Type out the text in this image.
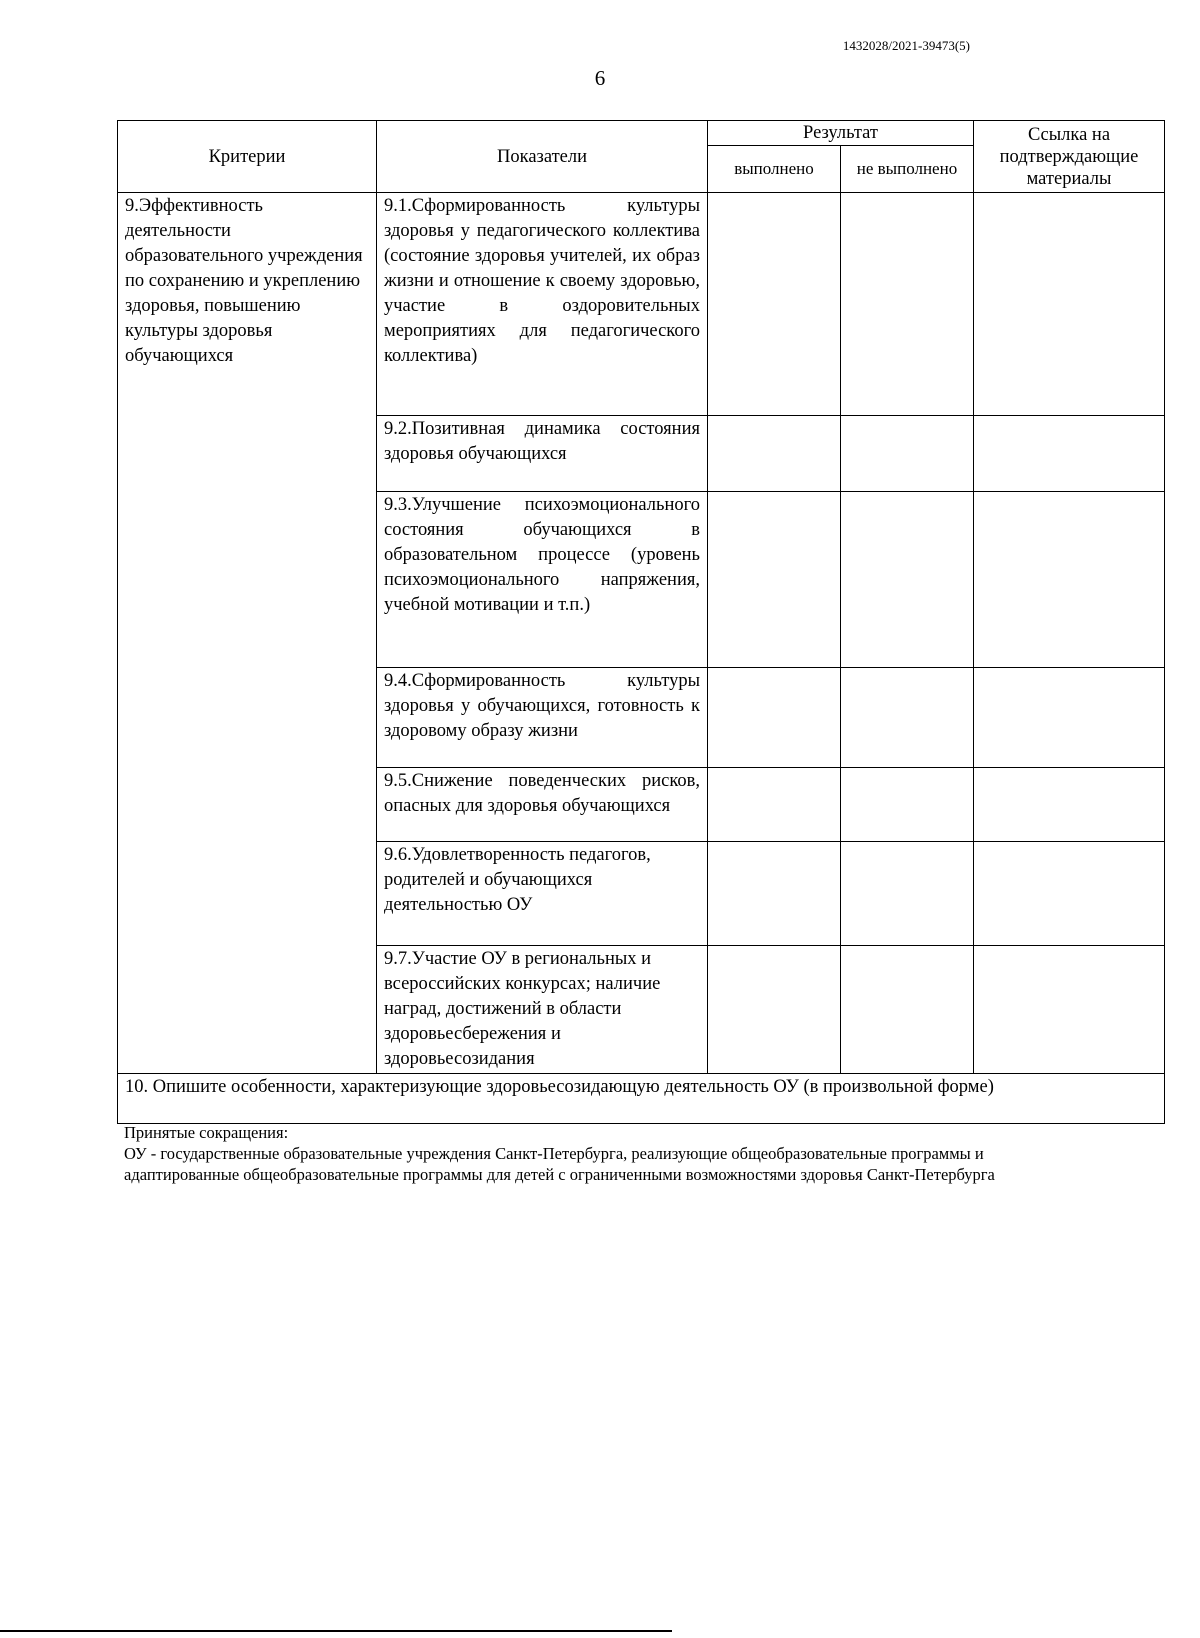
1432028/2021-39473(5)
6
Критерии	Показатели	Результат		Ссылка на подтверждающие материалы
		выполнено	не выполнено	
9.Эффективность деятельности образовательного учреждения по сохранению и укреплению здоровья, повышению культуры здоровья обучающихся	9.1.Сформированность культуры здоровья у педагогического коллектива (состояние здоровья учителей, их образ жизни и отношение к своему здоровью, участие в оздоровительных мероприятиях для педагогического коллектива)			
	9.2.Позитивная динамика состояния здоровья обучающихся			
	9.3.Улучшение психоэмоционального состояния обучающихся в образовательном процессе (уровень психоэмоционального напряжения, учебной мотивации и т.п.)			
	9.4.Сформированность культуры здоровья у обучающихся, готовность к здоровому образу жизни			
	9.5.Снижение поведенческих рисков, опасных для здоровья обучающихся			
	9.6.Удовлетворенность педагогов, родителей и обучающихся деятельностью ОУ			
	9.7.Участие ОУ в региональных и всероссийских конкурсах; наличие наград, достижений в области здоровьесбережения и здоровьесозидания			
10. Опишите особенности, характеризующие здоровьесозидающую деятельность ОУ (в произвольной форме)				

Принятые сокращения:

ОУ - государственные образовательные учреждения Санкт-Петербурга, реализующие общеобразовательные программы и адаптированные общеобразовательные программы для детей с ограниченными возможностями здоровья Санкт-Петербурга
